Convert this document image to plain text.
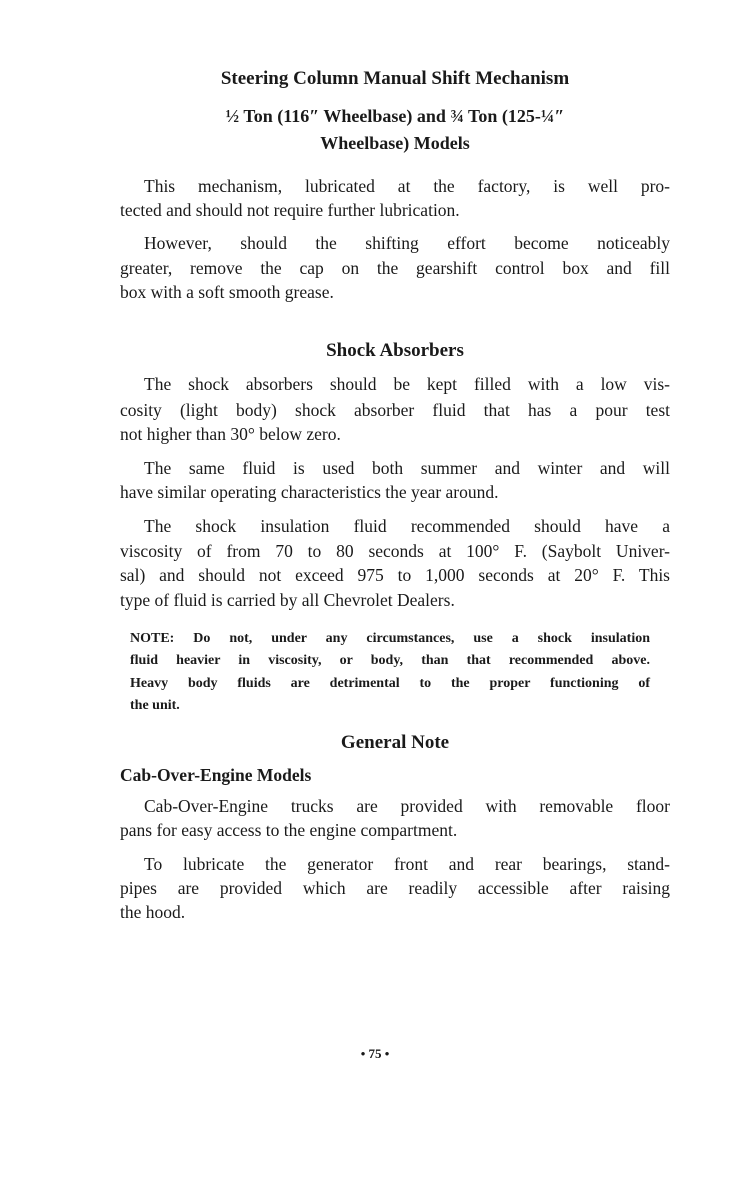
Steering Column Manual Shift Mechanism
½ Ton (116″ Wheelbase) and ¾ Ton (125-¼″
Wheelbase) Models
This mechanism, lubricated at the factory, is well pro-
tected and should not require further lubrication.
However, should the shifting effort become noticeably
greater, remove the cap on the gearshift control box and fill
box with a soft smooth grease.
Shock Absorbers
The shock absorbers should be kept filled with a low vis-
cosity (light body) shock absorber fluid that has a pour test
not higher than 30° below zero.
The same fluid is used both summer and winter and will
have similar operating characteristics the year around.
The shock insulation fluid recommended should have a
viscosity of from 70 to 80 seconds at 100° F. (Saybolt Univer-
sal) and should not exceed 975 to 1,000 seconds at 20° F. This
type of fluid is carried by all Chevrolet Dealers.
NOTE: Do not, under any circumstances, use a shock insulation
fluid heavier in viscosity, or body, than that recommended above.
Heavy body fluids are detrimental to the proper functioning of
the unit.
General Note
Cab-Over-Engine Models
Cab-Over-Engine trucks are provided with removable floor
pans for easy access to the engine compartment.
To lubricate the generator front and rear bearings, stand-
pipes are provided which are readily accessible after raising
the hood.
• 75 •
